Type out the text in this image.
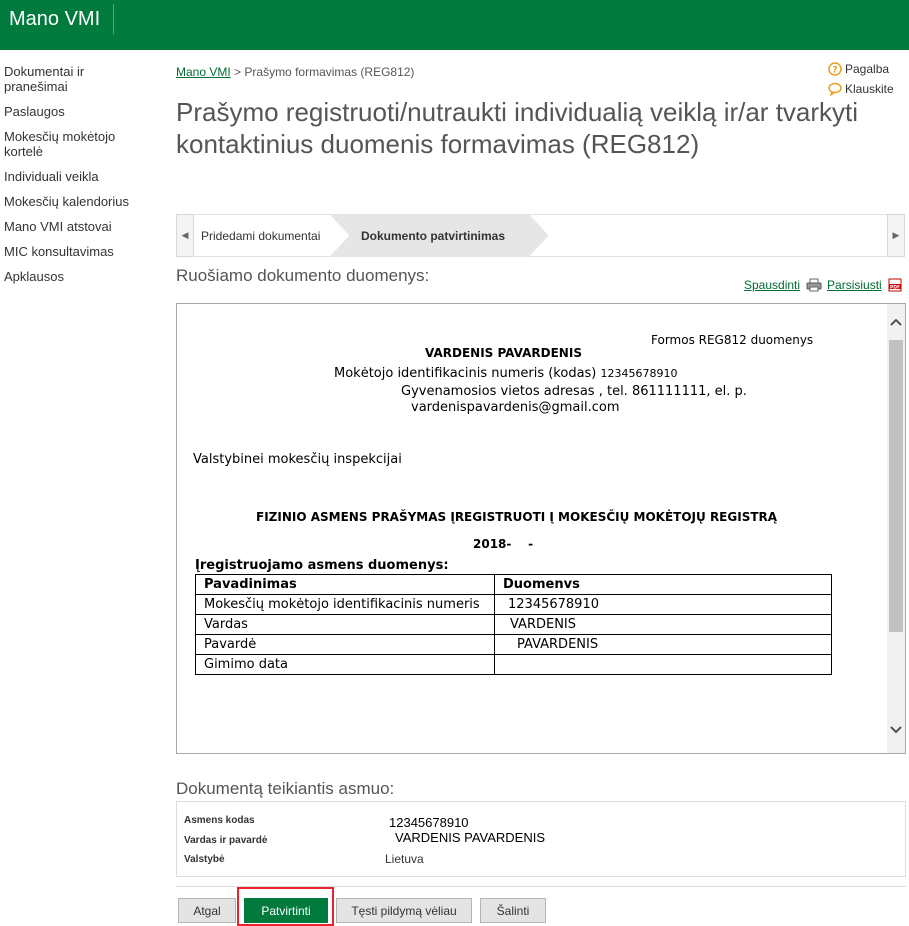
Mano VMI
Dokumentai ir
pranešimai
Paslaugos
Mokesčių mokėtojo
kortelė
Individuali veikla
Mokesčių kalendorius
Mano VMI atstovai
MIC konsultavimas
Apklausos
Mano VMI > Prašymo formavimas (REG812)	? Pagalba
Klauskite
Prašymo registruoti/nutraukti individualią veiklą ir/ar tvarkyti kontaktinius duomenis formavimas (REG812)
◀ Pridedami dokumentai	Dokumento patvirtinimas	▶
Ruošiamo dokumento duomenys:	Spausdinti Parsisiusti PDF
Formos REG812 duomenys
VARDENIS PAVARDENIS
Mokėtojo identifikacinis numeris (kodas) 12345678910
Gyvenamosios vietos adresas , tel. 861111111, el. p.
vardenispavardenis@gmail.com
Valstybinei mokesčių inspekcijai
FIZINIO ASMENS PRAŠYMAS ĮREGISTRUOTI Į MOKESČIŲ MOKĖTOJŲ REGISTRĄ
2018-    -
Įregistruojamo asmens duomenys:
Pavadinimas	Duomenvs
Mokesčių mokėtojo identifikacinis numeris	12345678910
Vardas	VARDENIS
Pavardė	PAVARDENIS
Gimimo data	
Dokumentą teikiantis asmuo:
Asmens kodas	12345678910
Vardas ir pavardė	VARDENIS PAVARDENIS
Valstybė	Lietuva
Atgal	Patvirtinti	Tęsti pildymą vėliau	Šalinti
